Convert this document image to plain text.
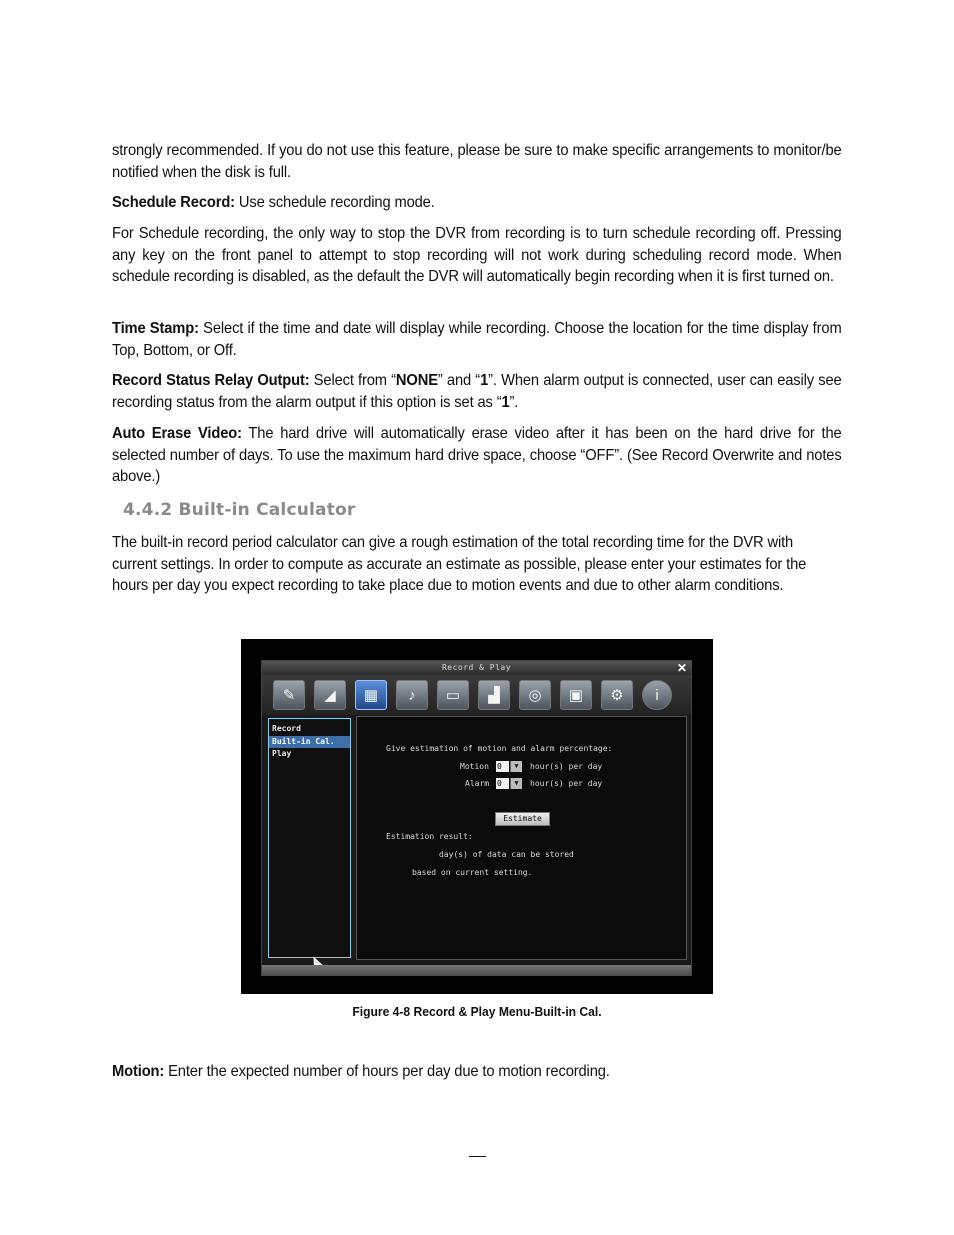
strongly recommended. If you do not use this feature, please be sure to make specific arrangements to monitor/be notified when the disk is full.

Schedule Record: Use schedule recording mode.

For Schedule recording, the only way to stop the DVR from recording is to turn schedule recording off. Pressing any key on the front panel to attempt to stop recording will not work during scheduling record mode. When schedule recording is disabled, as the default the DVR will automatically begin recording when it is first turned on.

Time Stamp: Select if the time and date will display while recording. Choose the location for the time display from Top, Bottom, or Off.

Record Status Relay Output: Select from “NONE” and “1”. When alarm output is connected, user can easily see recording status from the alarm output if this option is set as “1”.

Auto Erase Video: The hard drive will automatically erase video after it has been on the hard drive for the selected number of days. To use the maximum hard drive space, choose “OFF”. (See Record Overwrite and notes above.)

4.4.2 Built-in Calculator

The built-in record period calculator can give a rough estimation of the total recording time for the DVR with current settings. In order to compute as accurate an estimate as possible, please enter your estimates for the hours per day you expect recording to take place due to motion events and due to other alarm conditions.

Record & Play	✕
✎	◢	▦	♪	▭	▟	◎	▣	⚙	i
Record
Built-in Cal.
Play
Give estimation of motion and alarm percentage:
Motion 0	▼	hour(s) per day
Alarm 0	▼	hour(s) per day
Estimate
Estimation result:
day(s) of data can be stored
based on current setting.
Figure 4-8 Record & Play Menu-Built-in Cal.

Motion: Enter the expected number of hours per day due to motion recording.
